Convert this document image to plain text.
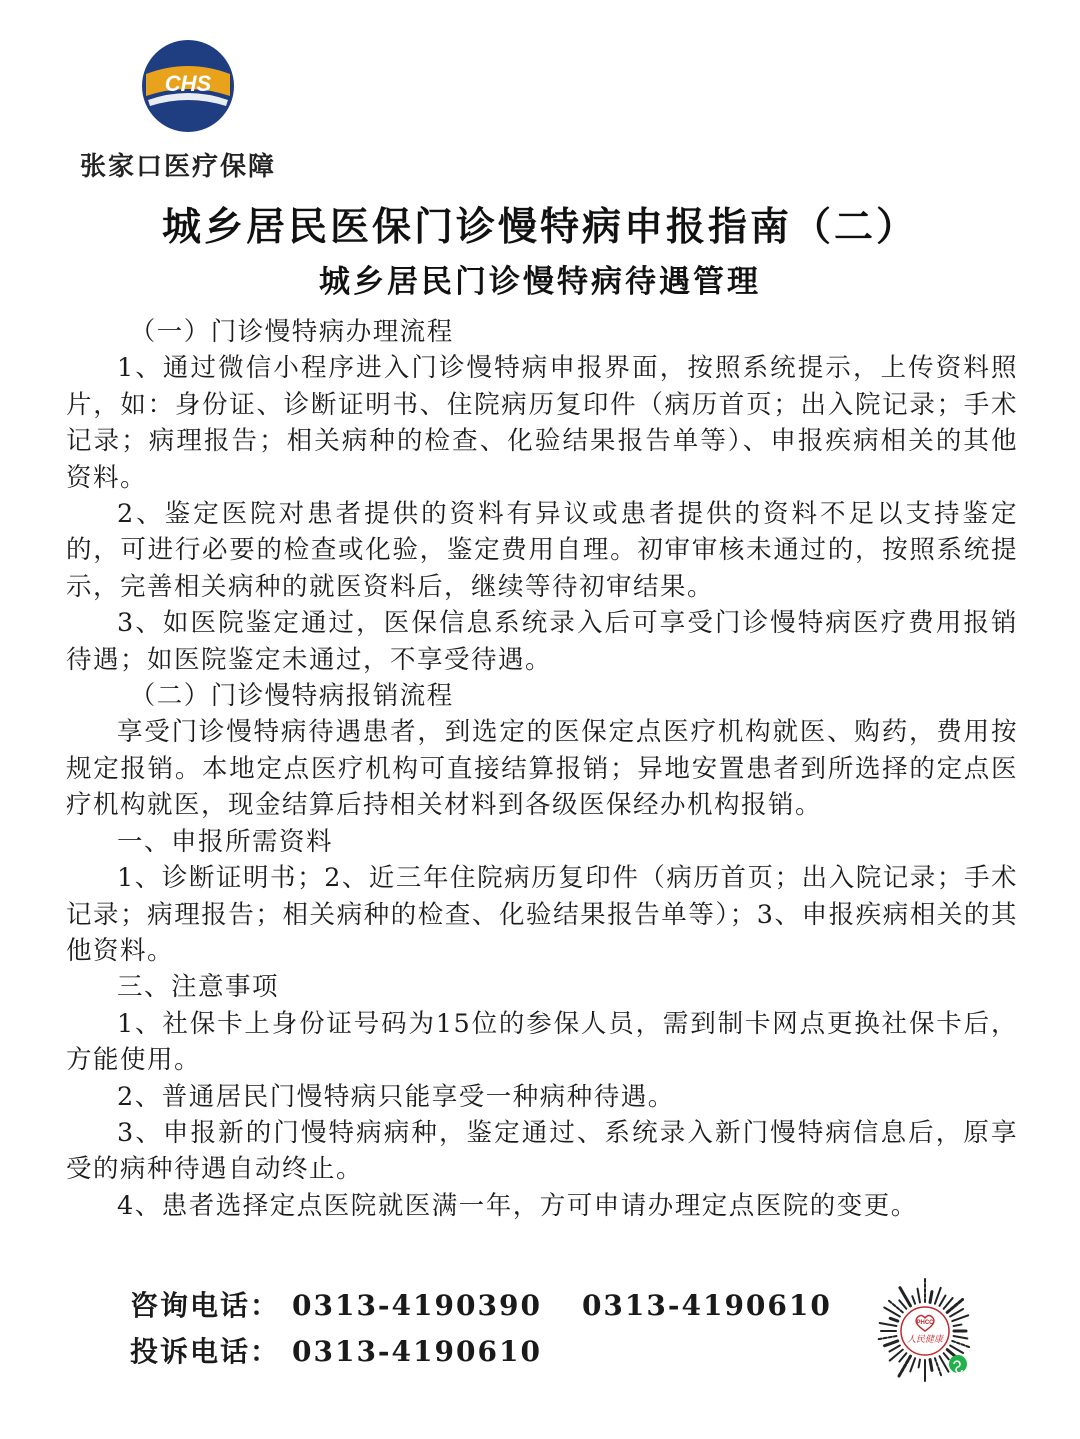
CHS
张家口医疗保障
城乡居民医保门诊慢特病申报指南（二）
城乡居民门诊慢特病待遇管理

（一）门诊慢特病办理流程

1、通过微信小程序进入门诊慢特病申报界面，按照系统提示，上传资料照片，如：身份证、诊断证明书、住院病历复印件（病历首页；出入院记录；手术记录；病理报告；相关病种的检查、化验结果报告单等）、申报疾病相关的其他资料。

2、鉴定医院对患者提供的资料有异议或患者提供的资料不足以支持鉴定的，可进行必要的检查或化验，鉴定费用自理。初审审核未通过的，按照系统提示，完善相关病种的就医资料后，继续等待初审结果。

3、如医院鉴定通过，医保信息系统录入后可享受门诊慢特病医疗费用报销待遇；如医院鉴定未通过，不享受待遇。

（二）门诊慢特病报销流程

享受门诊慢特病待遇患者，到选定的医保定点医疗机构就医、购药，费用按规定报销。本地定点医疗机构可直接结算报销；异地安置患者到所选择的定点医疗机构就医，现金结算后持相关材料到各级医保经办机构报销。

一、申报所需资料

1、诊断证明书；2、近三年住院病历复印件（病历首页；出入院记录；手术记录；病理报告；相关病种的检查、化验结果报告单等）；3、申报疾病相关的其他资料。

三、注意事项

1、社保卡上身份证号码为15位的参保人员，需到制卡网点更换社保卡后，方能使用。

2、普通居民门慢特病只能享受一种病种待遇。

3、申报新的门慢特病病种，鉴定通过、系统录入新门慢特病信息后，原享受的病种待遇自动终止。

4、患者选择定点医院就医满一年，方可申请办理定点医院的变更。

咨询电话： 0313-4190390 0313-4190610
投诉电话： 0313-4190610
PHCC
人民健康
